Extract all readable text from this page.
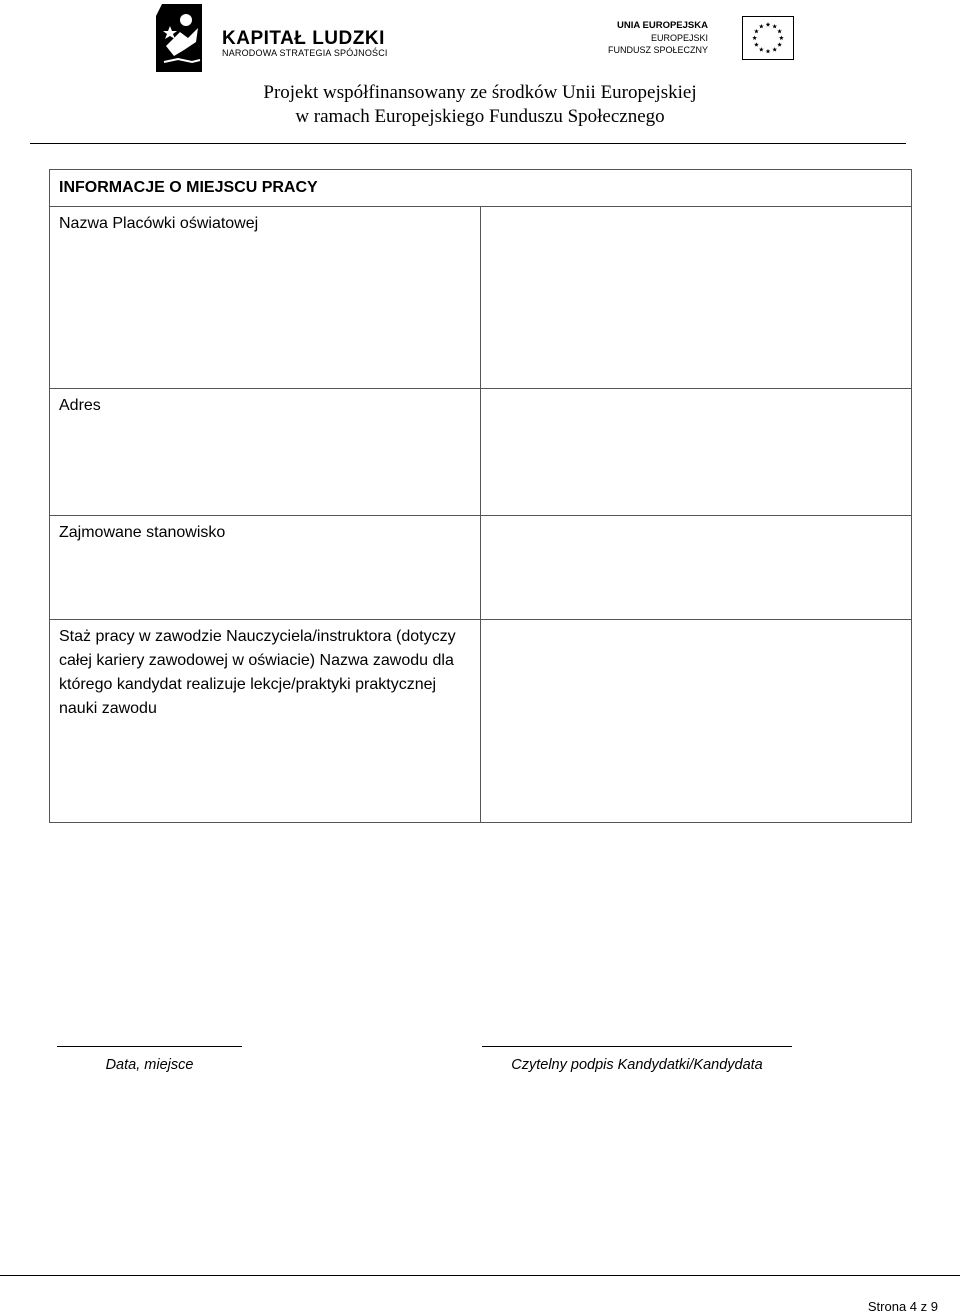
KAPITAŁ LUDZKI
NARODOWA STRATEGIA SPÓJNOŚCI
UNIA EUROPEJSKA
EUROPEJSKI
FUNDUSZ SPOŁECZNY
Projekt współfinansowany ze środków Unii Europejskiej
w ramach Europejskiego Funduszu Społecznego
INFORMACJE O MIEJSCU PRACY	
Nazwa Placówki oświatowej	
Adres	
Zajmowane stanowisko	
Staż pracy w zawodzie Nauczyciela/instruktora (dotyczy całej kariery zawodowej w oświacie) Nazwa zawodu dla którego kandydat realizuje lekcje/praktyki praktycznej nauki zawodu	
Data, miejsce	Czytelny podpis Kandydatki/Kandydata
Strona 4 z 9
